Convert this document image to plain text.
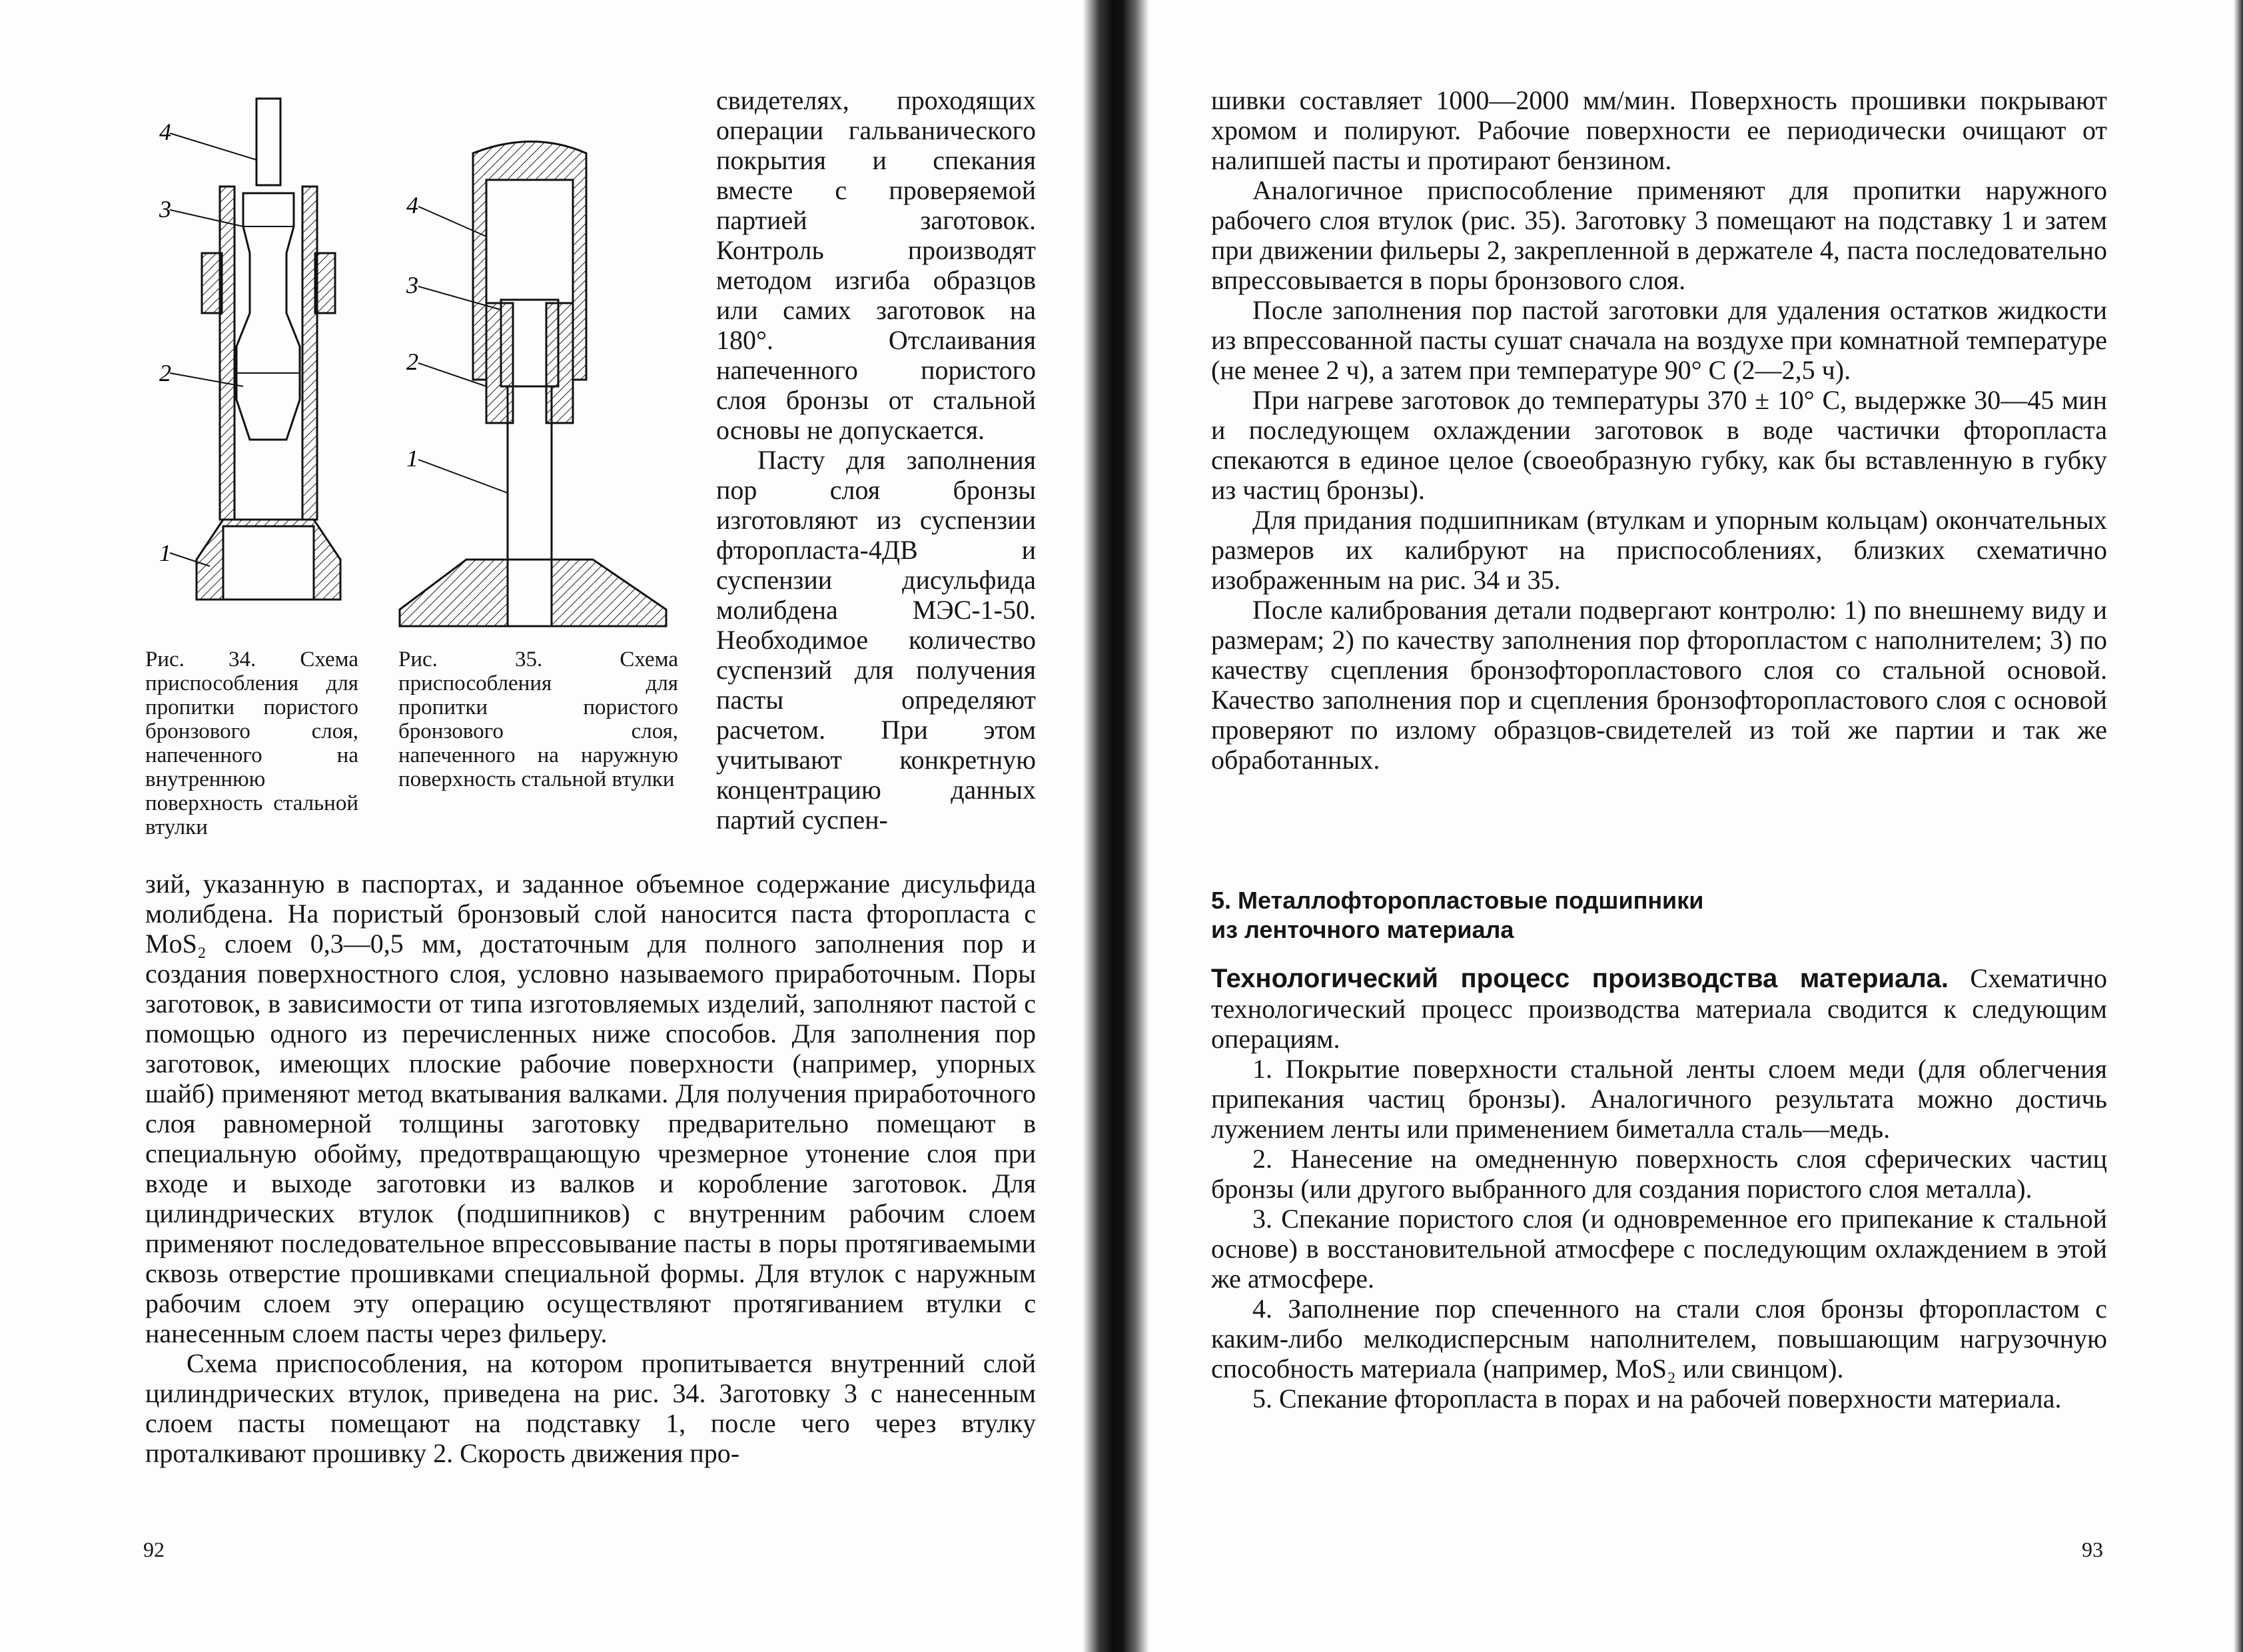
4
3
2
1
4
3
2
1
Рис. 34. Схема приспособления для пропитки пористого бронзового слоя, напеченного на внутреннюю поверхность стальной втулки
Рис. 35. Схема приспособления для пропитки пористого бронзового слоя, напеченного на наружную поверхность стальной втулки

свидетелях, проходящих операции гальванического покрытия и спекания вместе с проверяемой партией заготовок. Контроль производят методом изгиба образцов или самих заготовок на 180°. Отслаивания напеченного пористого слоя бронзы от стальной основы не допускается.

Пасту для заполнения пор слоя бронзы изготовляют из суспензии фторопласта-4ДВ и суспензии дисульфида молибдена МЭС-1-50. Необходимое количество суспензий для получения пасты определяют расчетом. При этом учитывают конкретную концентрацию данных партий суспен-

зий, указанную в паспортах, и заданное объемное содержание дисульфида молибдена. На пористый бронзовый слой наносится паста фторопласта с MoS₂ слоем 0,3—0,5 мм, достаточным для полного заполнения пор и создания поверхностного слоя, условно называемого приработочным. Поры заготовок, в зависимости от типа изготовляемых изделий, заполняют пастой с помощью одного из перечисленных ниже способов. Для заполнения пор заготовок, имеющих плоские рабочие поверхности (например, упорных шайб) применяют метод вкатывания валками. Для получения приработочного слоя равномерной толщины заготовку предварительно помещают в специальную обойму, предотвращающую чрезмерное утонение слоя при входе и выходе заготовки из валков и коробление заготовок. Для цилиндрических втулок (подшипников) с внутренним рабочим слоем применяют последовательное впрессовывание пасты в поры протягиваемыми сквозь отверстие прошивками специальной формы. Для втулок с наружным рабочим слоем эту операцию осуществляют протягиванием втулки с нанесенным слоем пасты через фильеру.

Схема приспособления, на котором пропитывается внутренний слой цилиндрических втулок, приведена на рис. 34. Заготовку 3 с нанесенным слоем пасты помещают на подставку 1, после чего через втулку проталкивают прошивку 2. Скорость движения про-

92

шивки составляет 1000—2000 мм/мин. Поверхность прошивки покрывают хромом и полируют. Рабочие поверхности ее периодически очищают от налипшей пасты и протирают бензином.

Аналогичное приспособление применяют для пропитки наружного рабочего слоя втулок (рис. 35). Заготовку 3 помещают на подставку 1 и затем при движении фильеры 2, закрепленной в держателе 4, паста последовательно впрессовывается в поры бронзового слоя.

После заполнения пор пастой заготовки для удаления остатков жидкости из впрессованной пасты сушат сначала на воздухе при комнатной температуре (не менее 2 ч), а затем при температуре 90° С (2—2,5 ч).

При нагреве заготовок до температуры 370 ± 10° С, выдержке 30—45 мин и последующем охлаждении заготовок в воде частички фторопласта спекаются в единое целое (своеобразную губку, как бы вставленную в губку из частиц бронзы).

Для придания подшипникам (втулкам и упорным кольцам) окончательных размеров их калибруют на приспособлениях, близких схематично изображенным на рис. 34 и 35.

После калибрования детали подвергают контролю: 1) по внешнему виду и размерам; 2) по качеству заполнения пор фторопластом с наполнителем; 3) по качеству сцепления бронзофторопластового слоя со стальной основой. Качество заполнения пор и сцепления бронзофторопластового слоя с основой проверяют по излому образцов-свидетелей из той же партии и так же обработанных.

5. Металлофторопластовые подшипники
из ленточного материала

Технологический процесс производства материала. Схематично технологический процесс производства материала сводится к следующим операциям.

1. Покрытие поверхности стальной ленты слоем меди (для облегчения припекания частиц бронзы). Аналогичного результата можно достичь лужением ленты или применением биметалла сталь—медь.

2. Нанесение на омедненную поверхность слоя сферических частиц бронзы (или другого выбранного для создания пористого слоя металла).

3. Спекание пористого слоя (и одновременное его припекание к стальной основе) в восстановительной атмосфере с последующим охлаждением в этой же атмосфере.

4. Заполнение пор спеченного на стали слоя бронзы фторопластом с каким-либо мелкодисперсным наполнителем, повышающим нагрузочную способность материала (например, MoS₂ или свинцом).

5. Спекание фторопласта в порах и на рабочей поверхности материала.

93
